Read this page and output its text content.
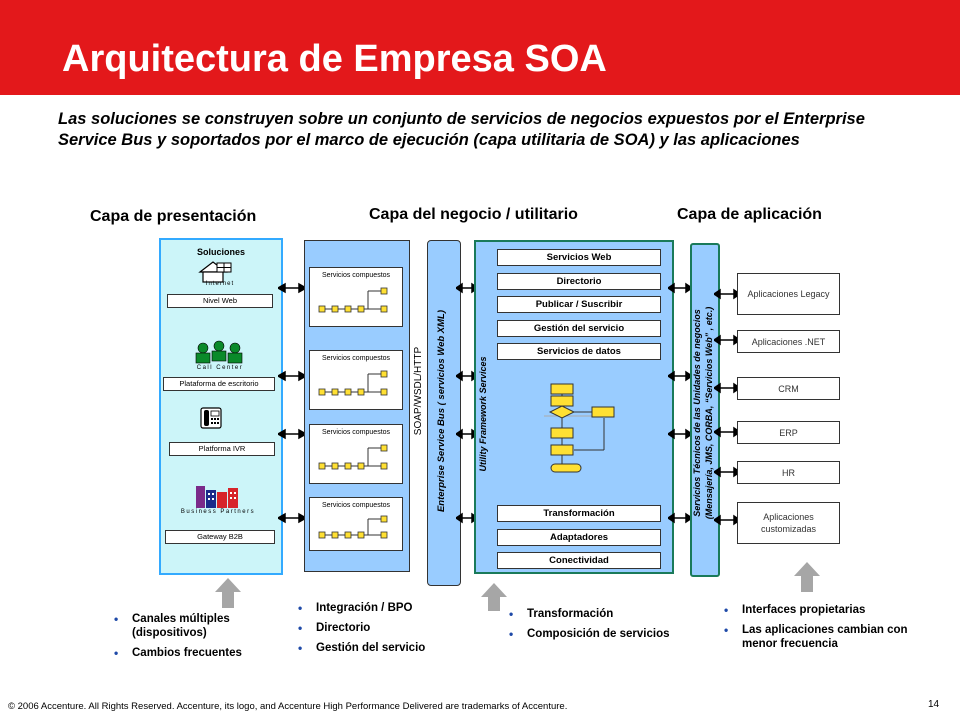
Arquitectura de Empresa SOA
Las soluciones se construyen sobre un conjunto de servicios de negocios expuestos por el Enterprise Service Bus y soportados por el marco de ejecución (capa utilitaria de SOA) y las aplicaciones
Capa de presentación	Capa del negocio / utilitario	Capa de aplicación
Soluciones
Internet
Nivel Web
Call Center
Plataforma de escritorio
Platforma IVR
Business Partners
Gateway B2B
Servicios compuestos
Servicios compuestos
Servicios compuestos
Servicios compuestos
SOAP/WSDL/HTTP	Enterprise Service Bus ( servicios Web XML)	Utility Framework Services
Servicios Web
Directorio
Publicar / Suscribir
Gestión del servicio
Servicios de datos
Transformación
Adaptadores
Conectividad
Servicios Técnicos de las Unidades de negocios (Mensajería, JMS, CORBA, “Servicios Web” , etc.)
Aplicaciones Legacy
Aplicaciones .NET
CRM
ERP
HR
Aplicaciones customizadas
• Canales múltiples (dispositivos)
• Cambios frecuentes
• Integración / BPO
• Directorio
• Gestión del servicio
• Transformación
• Composición de servicios
• Interfaces propietarias
• Las aplicaciones cambian con menor frecuencia
© 2006 Accenture. All Rights Reserved. Accenture, its logo, and Accenture High Performance Delivered are trademarks of Accenture.	14
